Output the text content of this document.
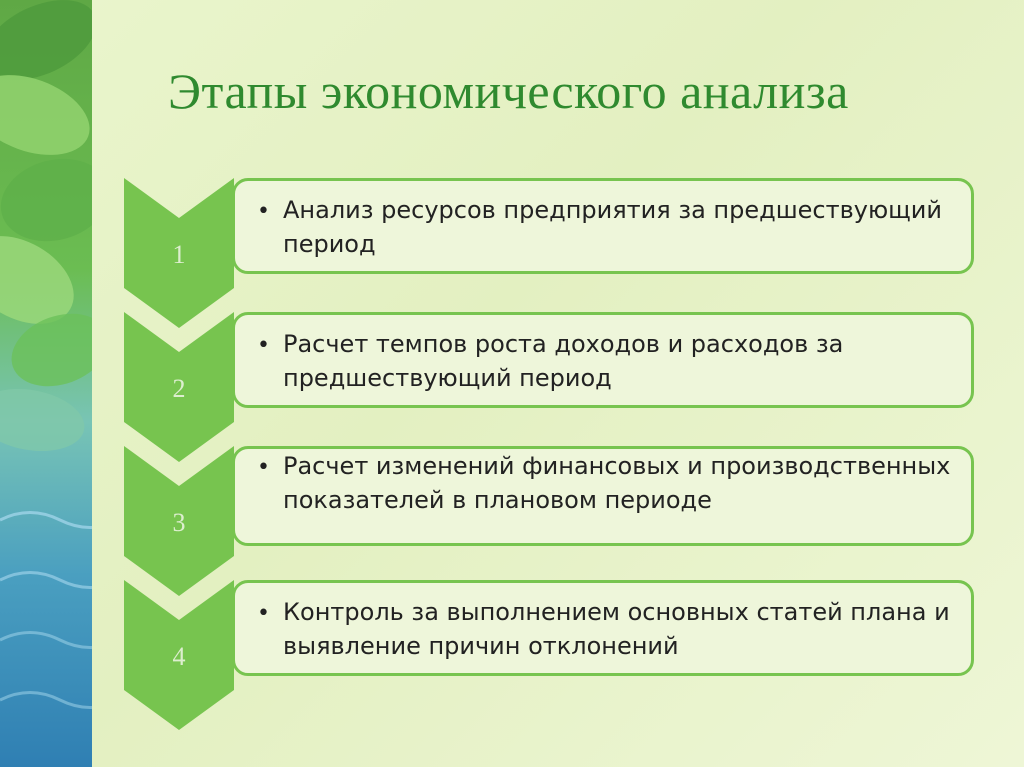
Этапы экономического анализа
1
• Анализ ресурсов предприятия за предшествующий период
2
• Расчет темпов роста доходов и расходов за предшествующий период
3
• Расчет изменений финансовых и производственных показателей в плановом периоде
4
• Контроль за выполнением основных статей плана и выявление причин отклонений
